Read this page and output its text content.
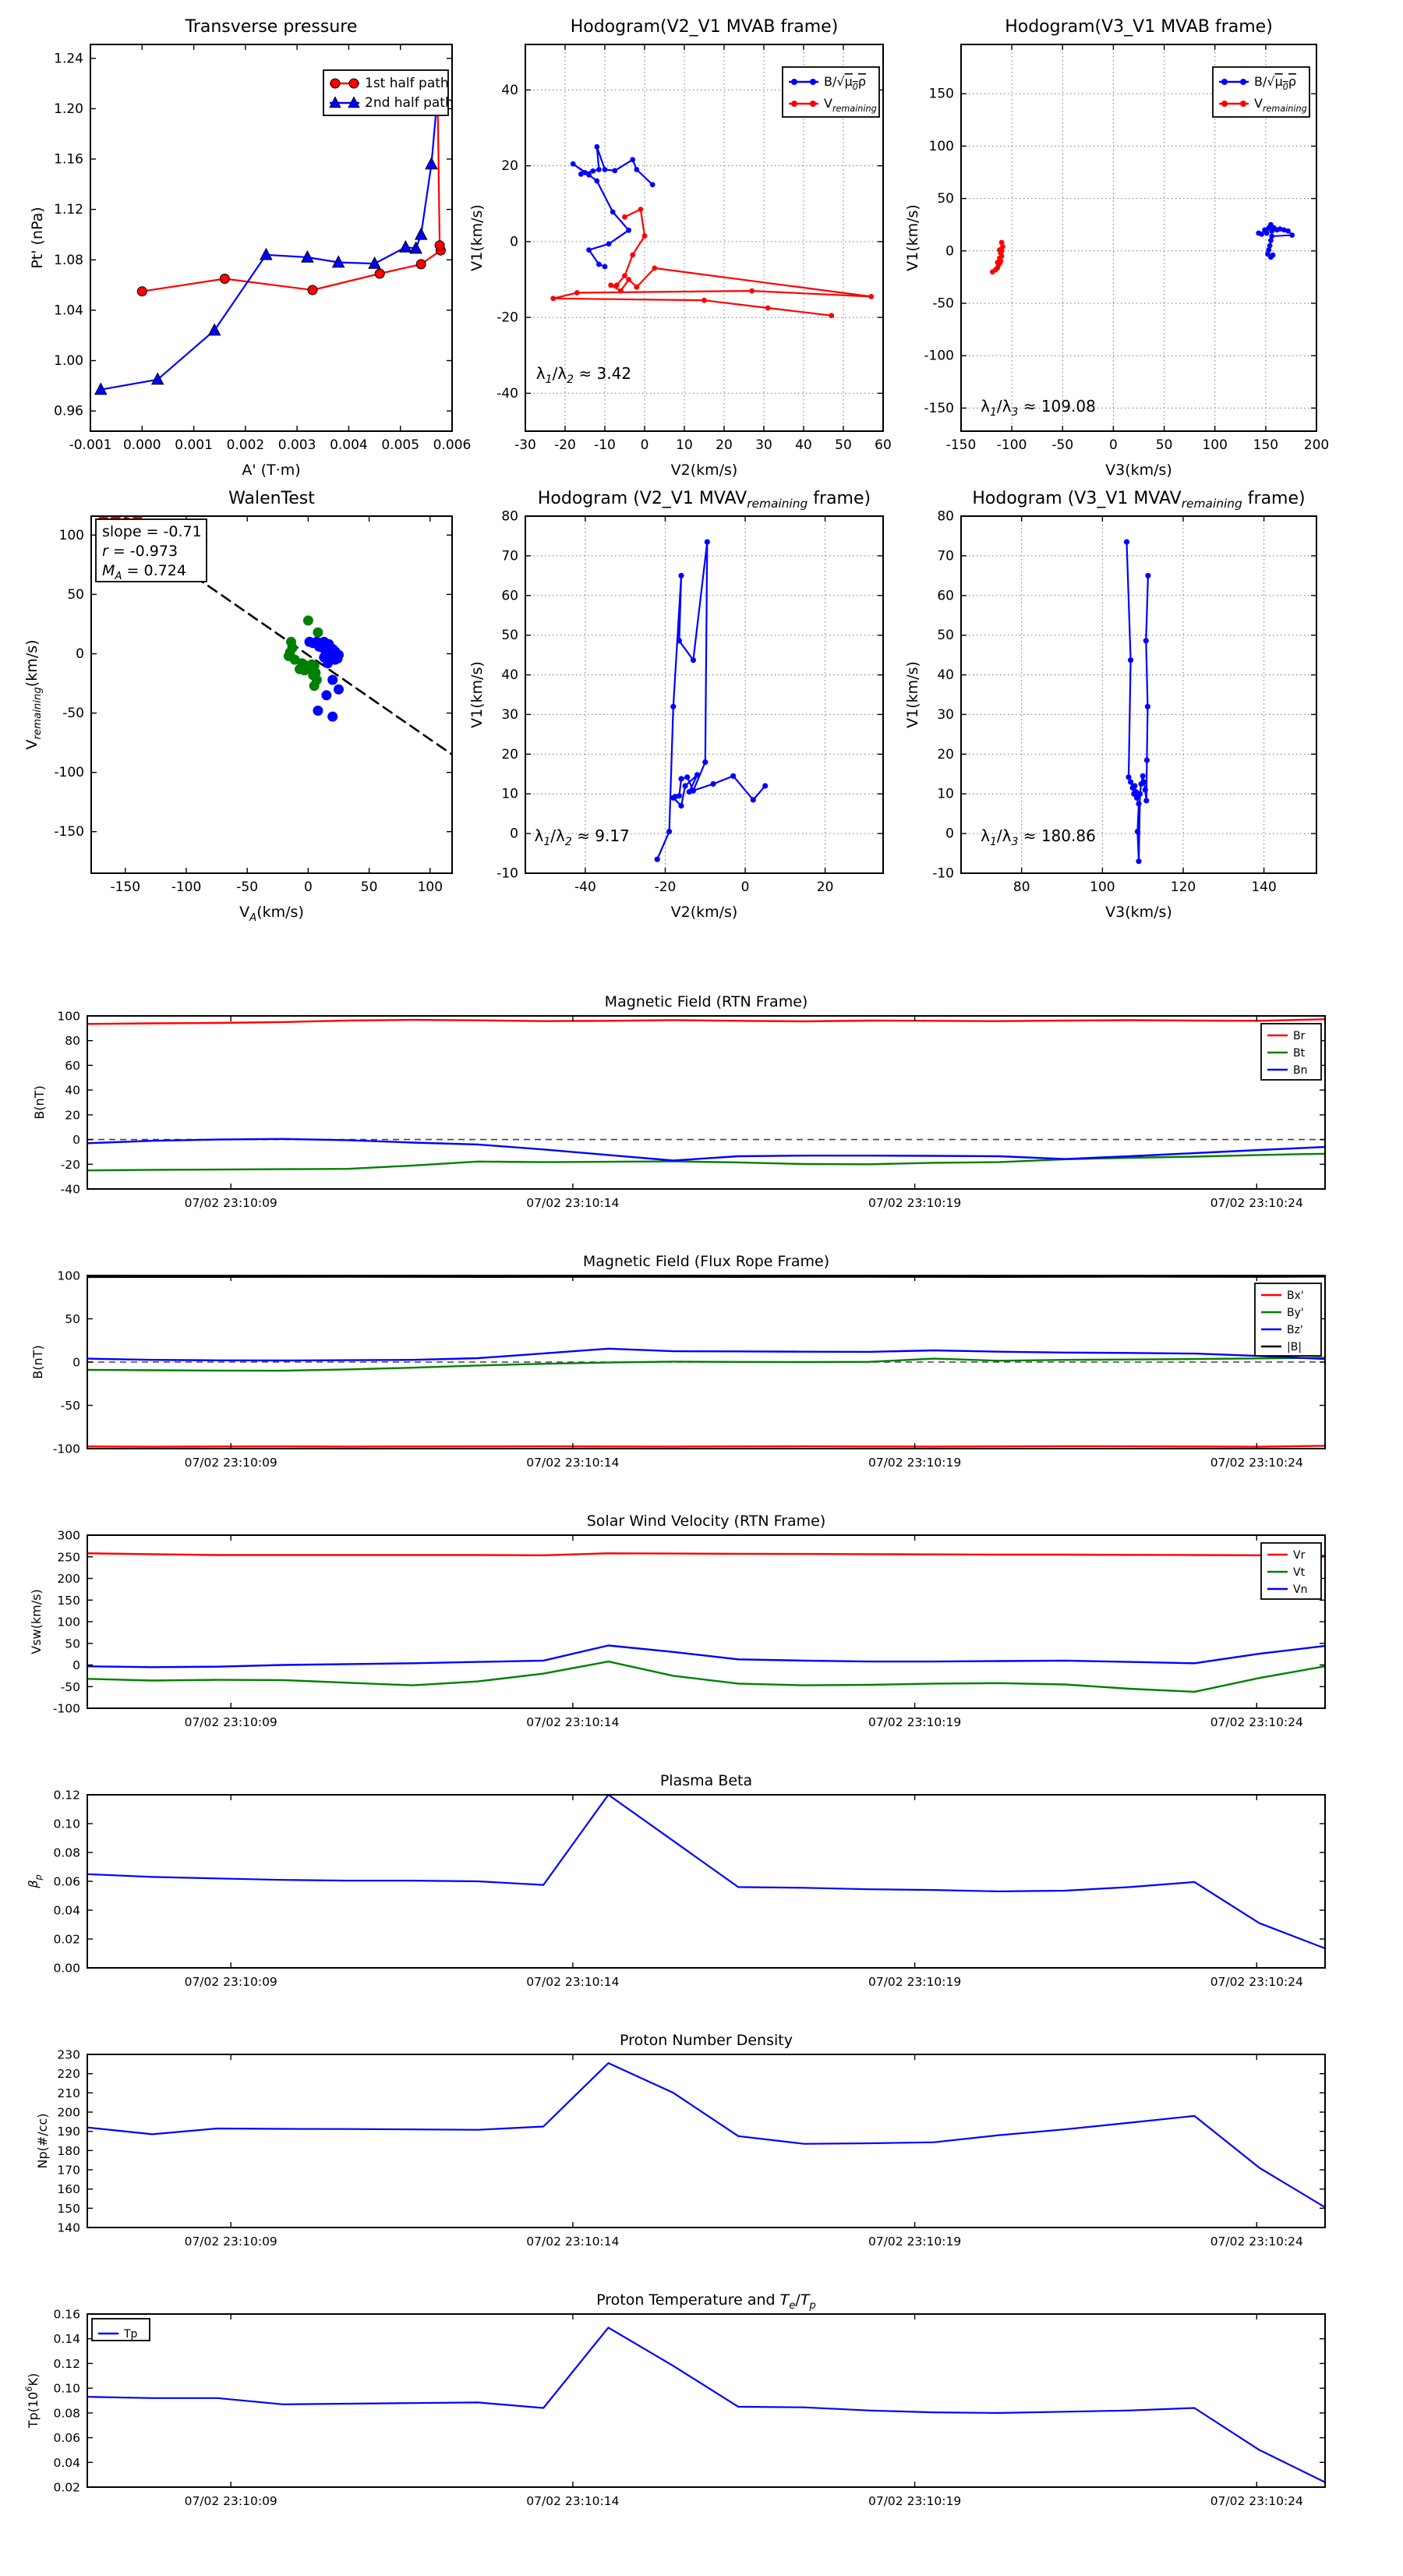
-0.001 0.000 0.001 0.002 0.003 0.004 0.005 0.006
0.96
1.00
1.04
1.08
1.12
1.16
1.20
1.24
Transverse pressure
A' (T·m)
Pt' (nPa)
1st half path
2nd half path
-30 -20 -10 0 10 20 30 40 50 60
-40
-20
0
20
40
Hodogram(V2_V1 MVAB frame)
V2(km/s)
V1(km/s)
$\lambda_1/\lambda_2 \approx 3.42$
$B/√\mu_0\rho$
$V_{remaining}$
-150 -100 -50	0	50 100 150 200
-150
-100
-50
0
50
100
150
Hodogram(V3_V1 MVAB frame)
V3(km/s)
V1(km/s)
$\lambda_1/\lambda_3 \approx 109.08$
$B/√\mu_0\rho$
$V_{remaining}$
-150 -100	-50	0	50	100
-150
-100
-50
0
50
100
WalenTest
$V_A(km/s)$
$V_{remaining}(km/s)$
slope = -0.71
r = -0.973
$M_A = 0.724$
-40	-20	0	20
-10
0
10
20
30
40
50
60
70
80
Hodogram (V2_V1 $MVAV_{remaining}$ frame)
V2(km/s)
V1(km/s)
$\lambda_1/\lambda_2 \approx 9.17$
80	100	120	140
-10
0
10
20
30
40
50
60
70
80
Hodogram (V3_V1 $MVAV_{remaining}$ frame)
V3(km/s)
V1(km/s)
$\lambda_1/\lambda_3 \approx 180.86$
07/02 23:10:09	07/02 23:10:14	07/02 23:10:19	07/02 23:10:24
-40
-20
0
20
40
60
80
100
Magnetic Field (RTN Frame)
B(nT)
Br
Bt
Bn
07/02 23:10:09	07/02 23:10:14	07/02 23:10:19	07/02 23:10:24
-100
-50
0
50
100
Magnetic Field (Flux Rope Frame)
B(nT)
Bx'
By'
Bz'
|B|
07/02 23:10:09	07/02 23:10:14	07/02 23:10:19	07/02 23:10:24
-100
-50
0
50
100
150
200
250
300
Solar Wind Velocity (RTN Frame)
Vsw(km/s)
Vr
Vt
Vn
07/02 23:10:09	07/02 23:10:14	07/02 23:10:19	07/02 23:10:24
0.00
0.02
0.04
0.06
0.08
0.10
0.12
Plasma Beta
$\beta_p$
07/02 23:10:09	07/02 23:10:14	07/02 23:10:19	07/02 23:10:24
140
150
160
170
180
190
200
210
220
230
Proton Number Density
Np(#/cc)
07/02 23:10:09	07/02 23:10:14	07/02 23:10:19	07/02 23:10:24
0.02
0.04
0.06
0.08
0.10
0.12
0.14
0.16
Proton Temperature and $T_e/T_p$
$Tp(10^6K)$
Tp
